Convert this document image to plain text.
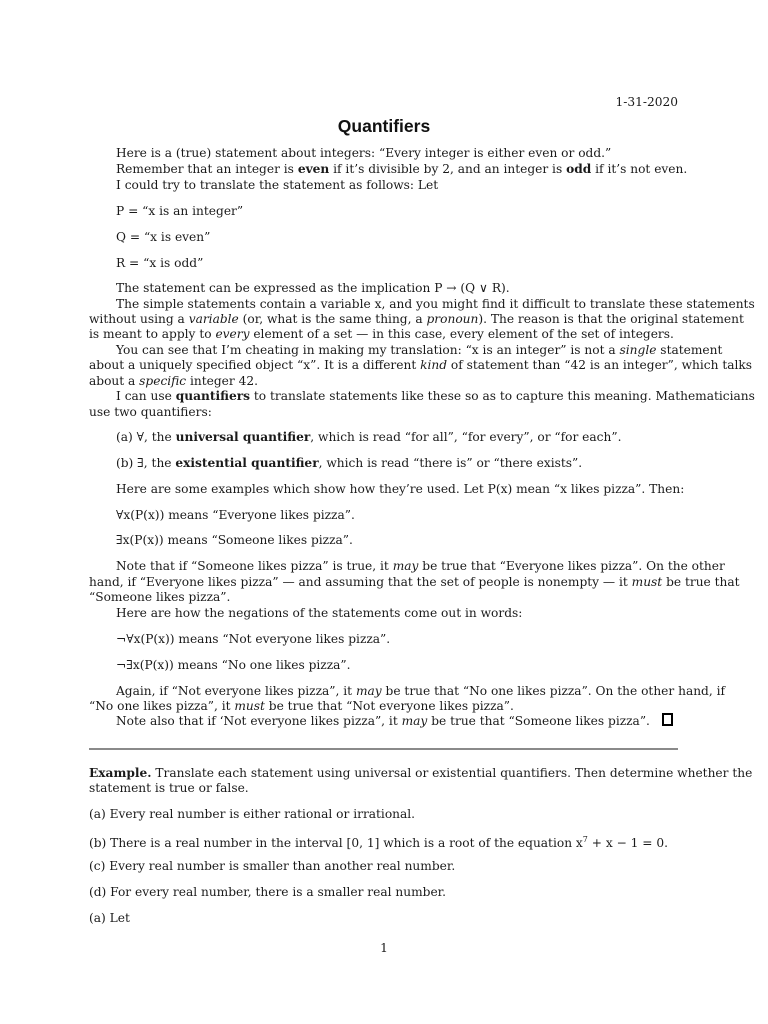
1-31-2020
Quantifiers
Here is a (true) statement about integers: “Every integer is either even or odd.”
Remember that an integer is even if it’s divisible by 2, and an integer is odd if it’s not even.
I could try to translate the statement as follows: Let
P = “x is an integer”
Q = “x is even”
R = “x is odd”
The statement can be expressed as the implication P → (Q ∨ R).
The simple statements contain a variable x, and you might find it difficult to translate these statements
without using a variable (or, what is the same thing, a pronoun). The reason is that the original statement
is meant to apply to every element of a set — in this case, every element of the set of integers.
You can see that I’m cheating in making my translation: “x is an integer” is not a single statement
about a uniquely specified object “x”. It is a different kind of statement than “42 is an integer”, which talks
about a specific integer 42.
I can use quantifiers to translate statements like these so as to capture this meaning. Mathematicians
use two quantifiers:
(a) ∀, the universal quantifier, which is read “for all”, “for every”, or “for each”.
(b) ∃, the existential quantifier, which is read “there is” or “there exists”.
Here are some examples which show how they’re used. Let P(x) mean “x likes pizza”. Then:
∀x(P(x)) means “Everyone likes pizza”.
∃x(P(x)) means “Someone likes pizza”.
Note that if “Someone likes pizza” is true, it may be true that “Everyone likes pizza”. On the other
hand, if “Everyone likes pizza” — and assuming that the set of people is nonempty — it must be true that
“Someone likes pizza”.
Here are how the negations of the statements come out in words:
¬∀x(P(x)) means “Not everyone likes pizza”.
¬∃x(P(x)) means “No one likes pizza”.
Again, if “Not everyone likes pizza”, it may be true that “No one likes pizza”. On the other hand, if
“No one likes pizza”, it must be true that “Not everyone likes pizza”.
Note also that if ‘Not everyone likes pizza”, it may be true that “Someone likes pizza”.
Example. Translate each statement using universal or existential quantifiers. Then determine whether the
statement is true or false.
(a) Every real number is either rational or irrational.
(b) There is a real number in the interval [0, 1] which is a root of the equation $x^7 + x - 1 = 0$.
(c) Every real number is smaller than another real number.
(d) For every real number, there is a smaller real number.
(a) Let
1
